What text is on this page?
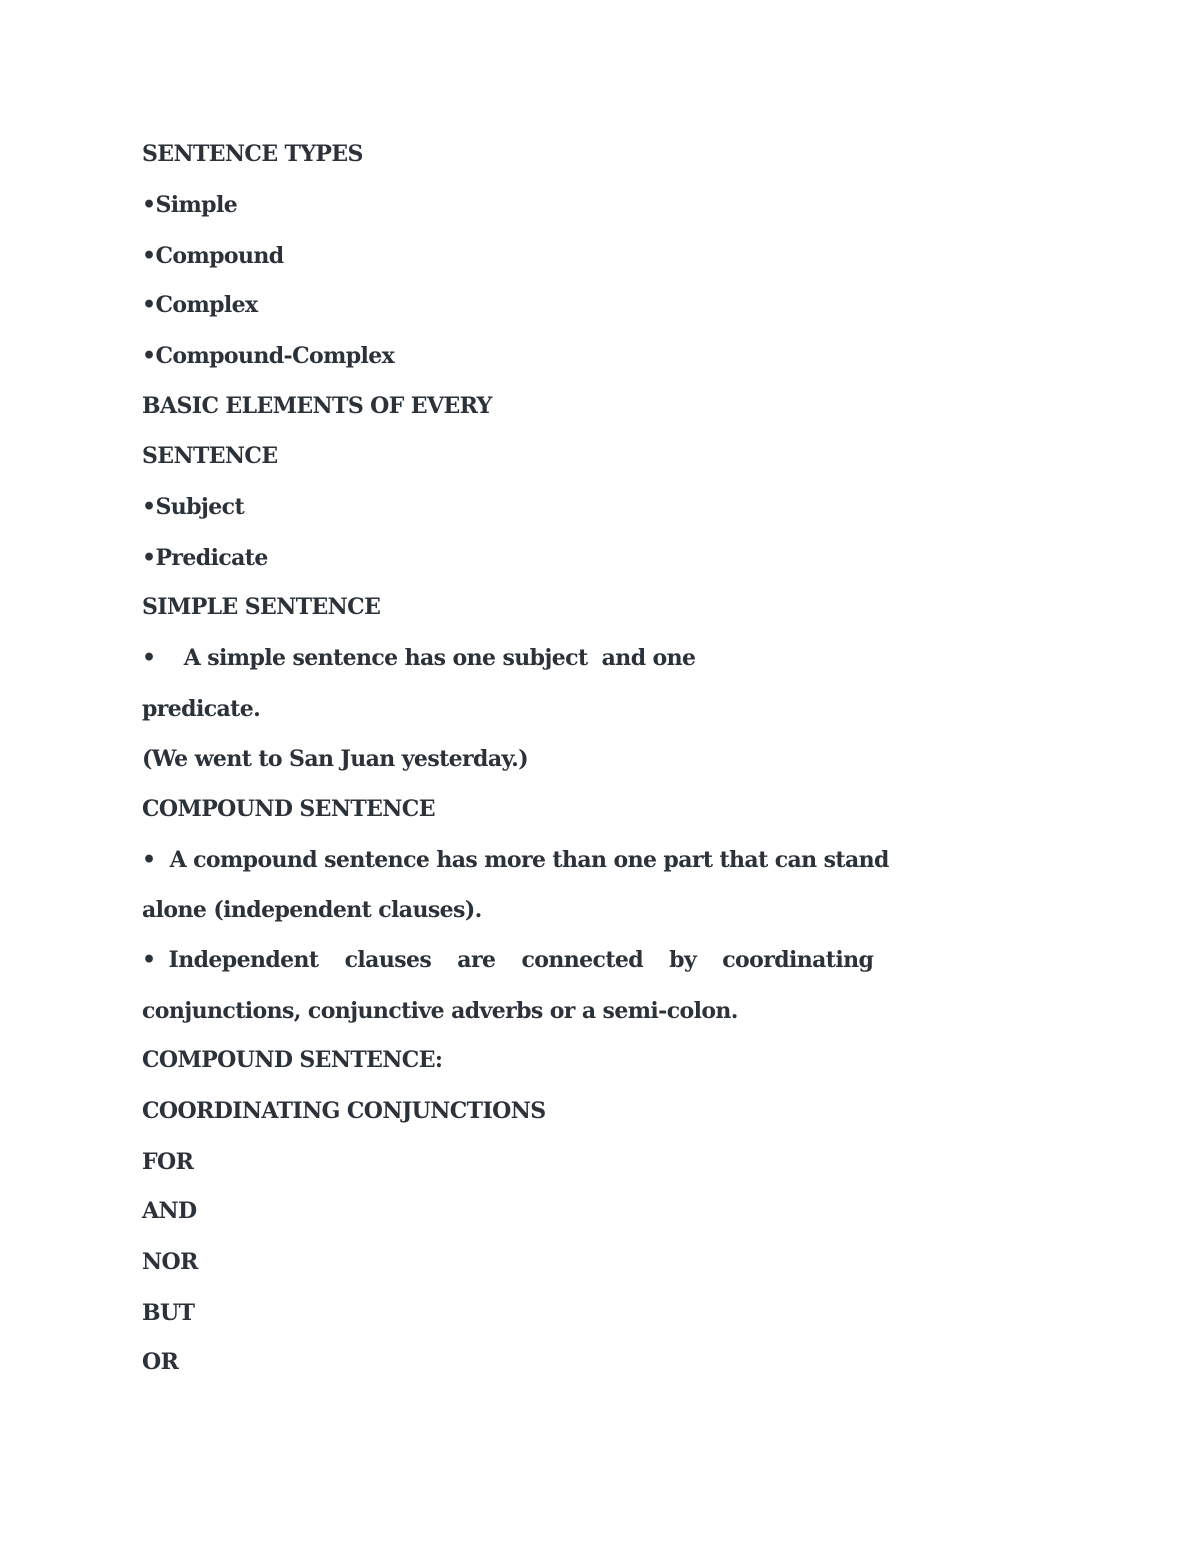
SENTENCE TYPES
•Simple
•Compound
•Complex
•Compound-Complex
BASIC ELEMENTS OF EVERY
SENTENCE
•Subject
•Predicate
SIMPLE SENTENCE
•    A simple sentence has one subject  and one
predicate.
(We went to San Juan yesterday.)
COMPOUND SENTENCE
•  A compound sentence has more than one part that can stand
alone (independent clauses).
• Independent  clauses  are  connected  by  coordinating
conjunctions, conjunctive adverbs or a semi-colon.
COMPOUND SENTENCE:
COORDINATING CONJUNCTIONS
FOR
AND
NOR
BUT
OR
